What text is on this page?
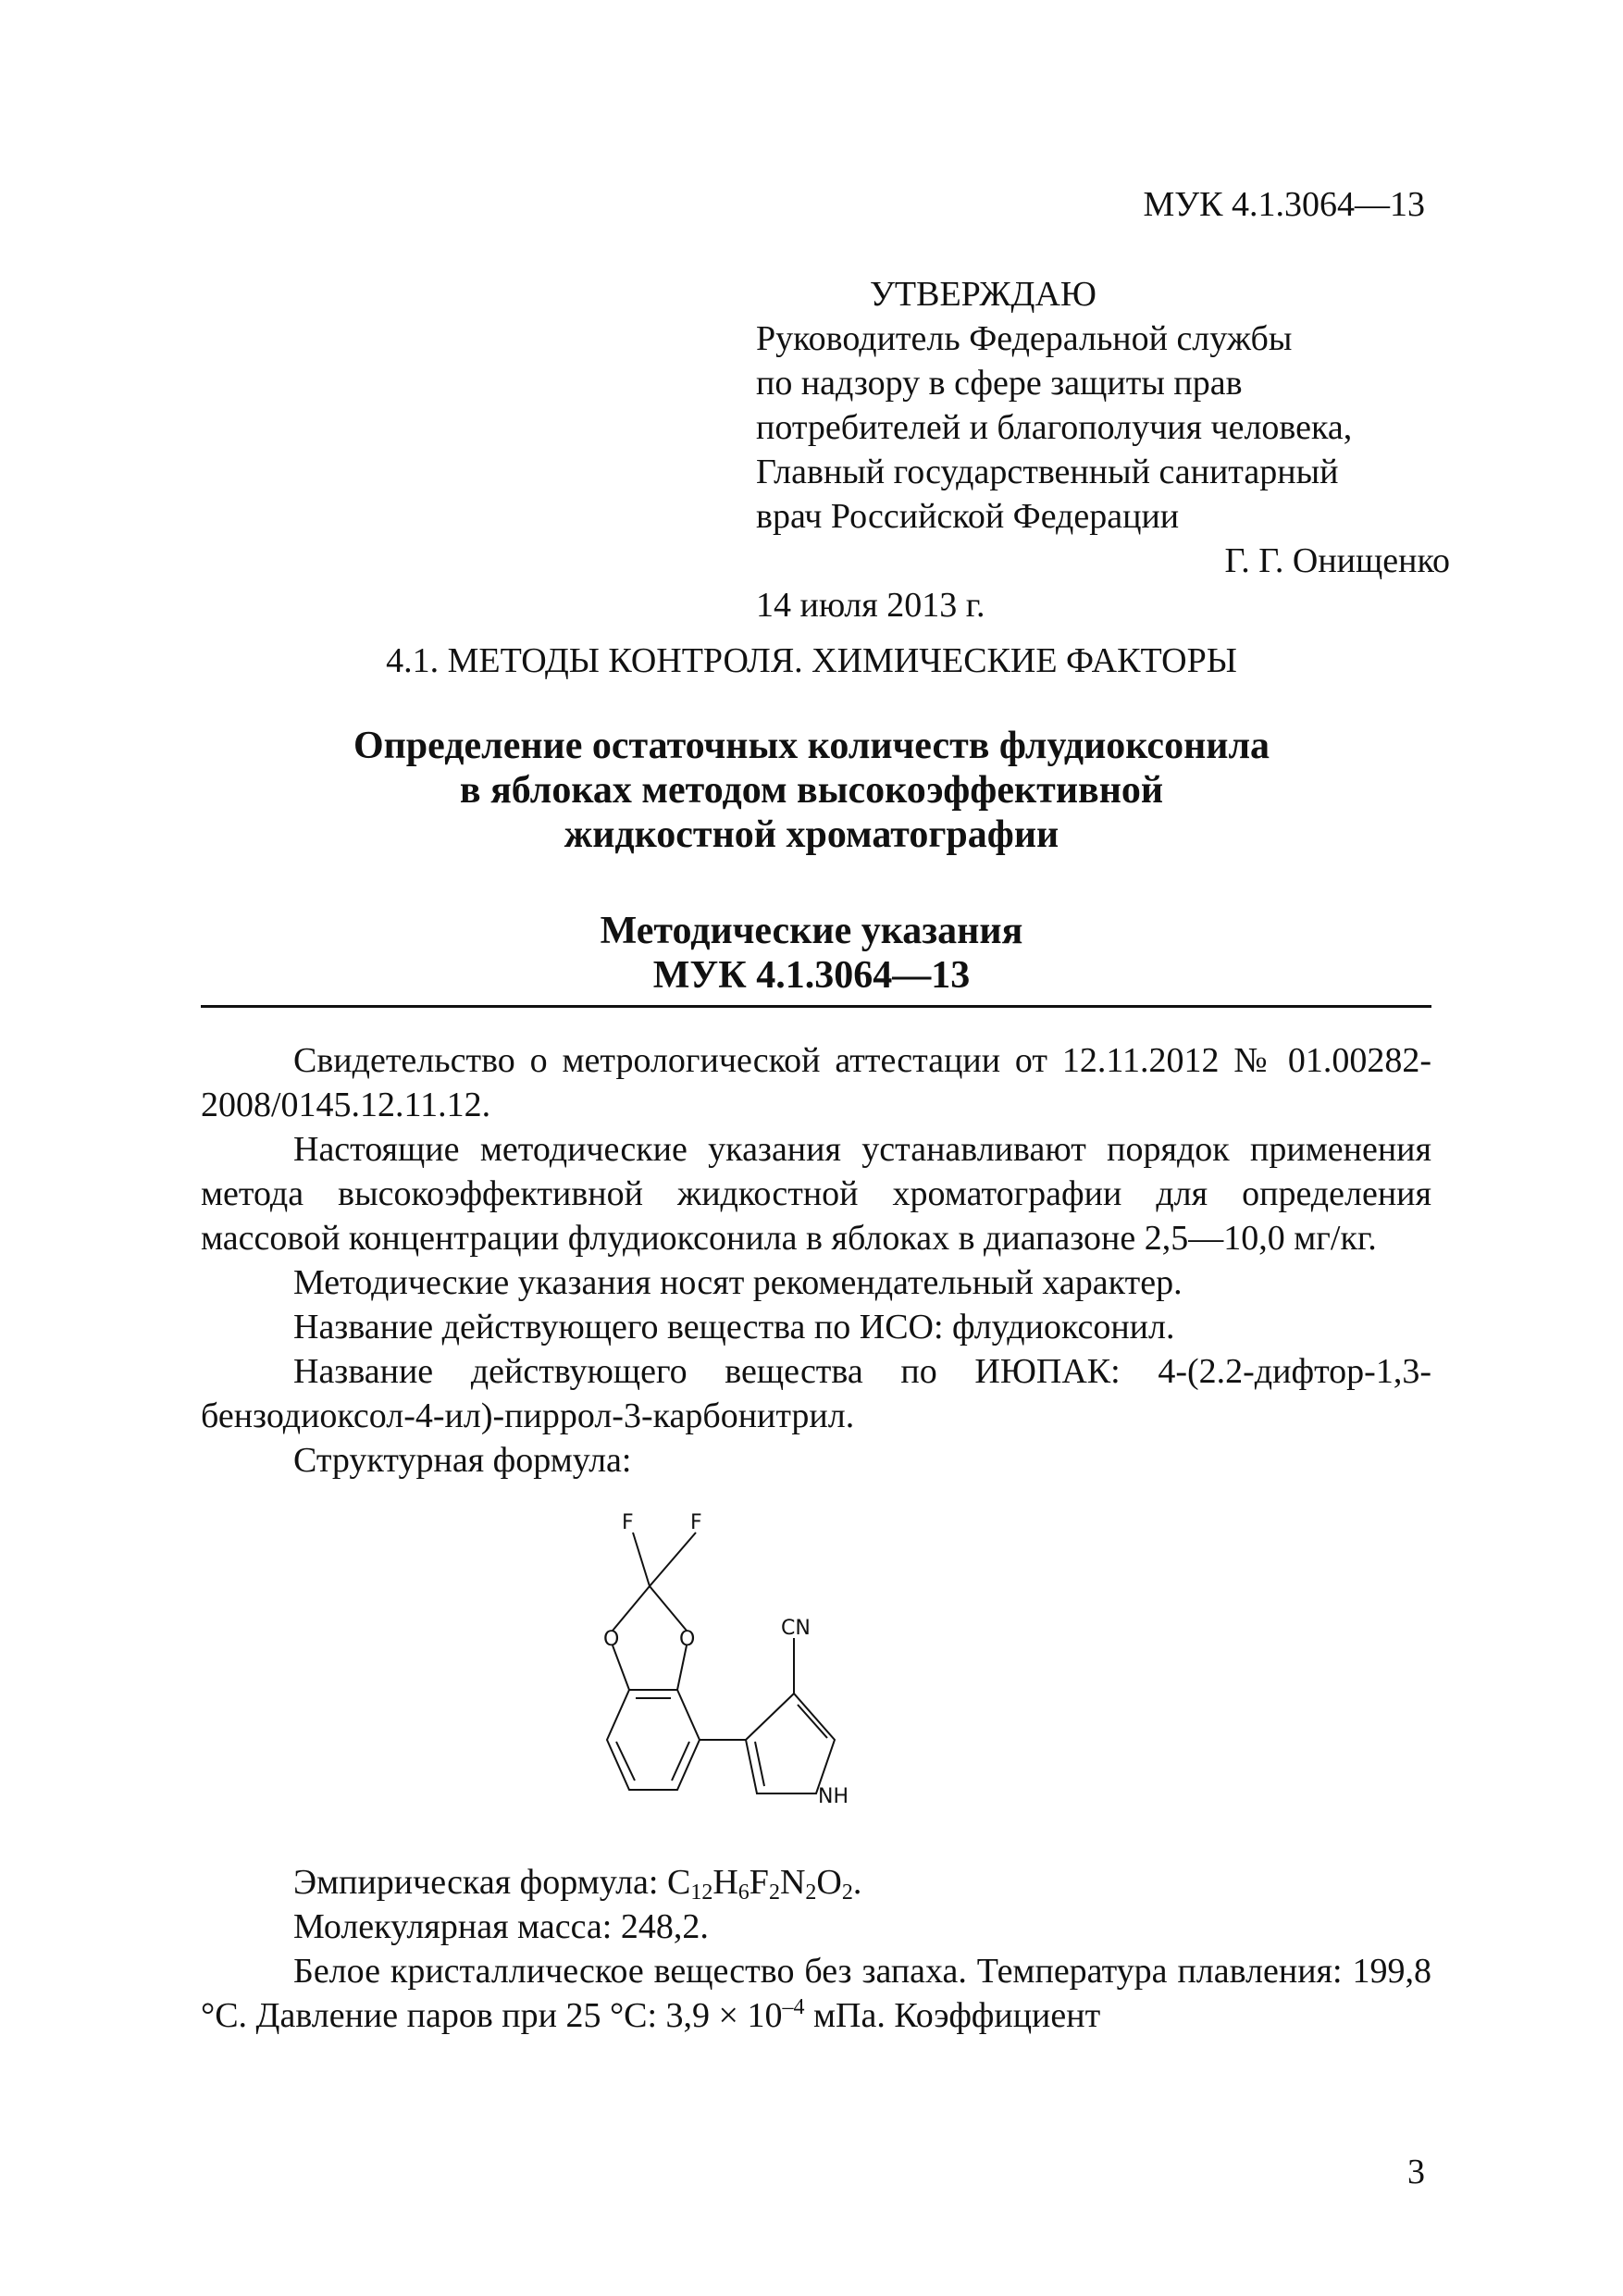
МУК 4.1.3064—13
УТВЕРЖДАЮ
Руководитель Федеральной службы
по надзору в сфере защиты прав
потребителей и благополучия человека,
Главный государственный санитарный
врач Российской Федерации
Г. Г. Онищенко
14 июля 2013 г.
4.1. МЕТОДЫ КОНТРОЛЯ. ХИМИЧЕСКИЕ ФАКТОРЫ
Определение остаточных количеств флудиоксонила
в яблоках методом высокоэффективной
жидкостной хроматографии
Методические указания
МУК 4.1.3064—13

Свидетельство о метрологической аттестации от 12.11.2012 № 01.00282-2008/0145.12.11.12.

Настоящие методические указания устанавливают порядок применения метода высокоэффективной жидкостной хроматографии для определения массовой концентрации флудиоксонила в яблоках в диапазоне 2,5—10,0 мг/кг.

Методические указания носят рекомендательный характер.

Название действующего вещества по ИСО: флудиоксонил.

Название действующего вещества по ИЮПАК: 4-(2.2-дифтор-1,3-бензодиоксол-4-ил)-пиррол-3-карбонитрил.

Структурная формула:

F	F
O	O	CN
NH

Эмпирическая формула: $C_{12}H_6F_2N_2O_2$.

Молекулярная масса: 248,2.

Белое кристаллическое вещество без запаха. Температура плавления: 199,8 °С. Давление паров при 25 °С: $3,9 \times 10^{-4}$ мПа. Коэффициент

3
